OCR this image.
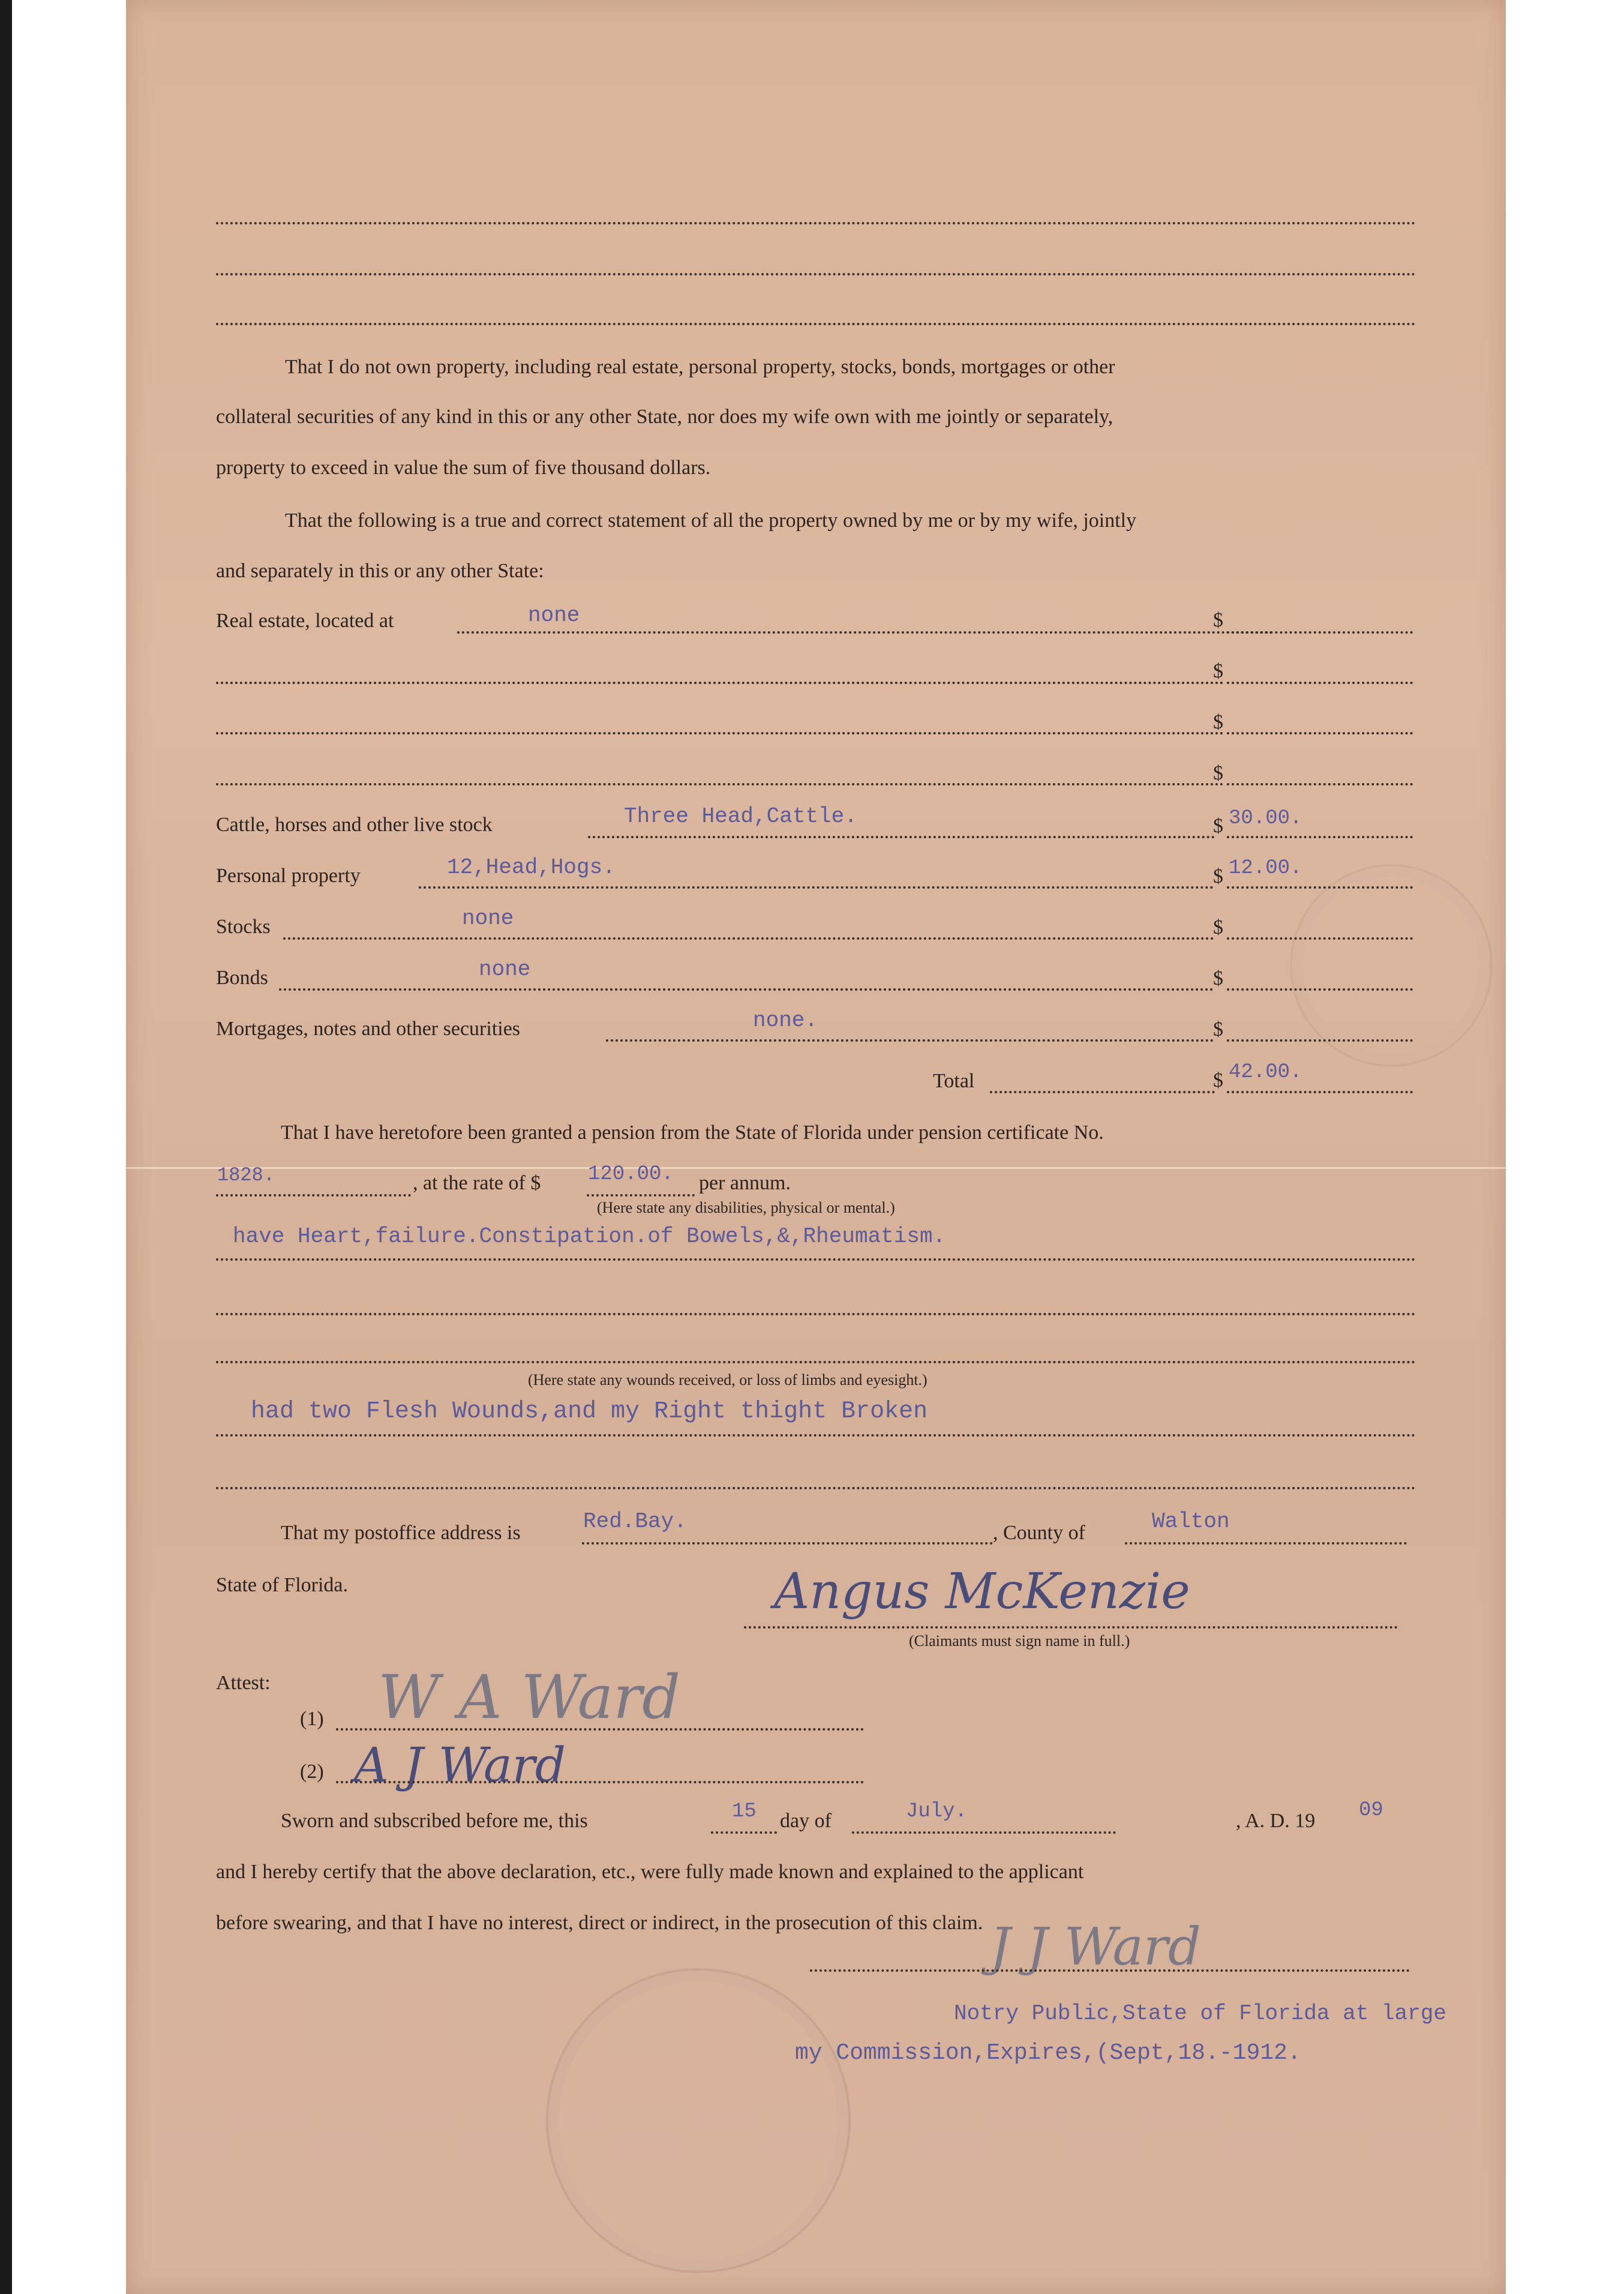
That I do not own property, including real estate, personal property, stocks, bonds, mortgages or other
collateral securities of any kind in this or any other State, nor does my wife own with me jointly or separately,
property to exceed in value the sum of five thousand dollars.
That the following is a true and correct statement of all the property owned by me or by my wife, jointly
and separately in this or any other State:
Real estate, located at	none	$
$
$
$
Cattle, horses and other live stock	Three Head,Cattle.	$ 30.00.
Personal property	12,Head,Hogs.	$ 12.00.
Stocks	none	$
Bonds	none	$
Mortgages, notes and other securities	none.	$
Total	$ 42.00.
That I have heretofore been granted a pension from the State of Florida under pension certificate No.
1828.	, at the rate of $ 120.00. per annum.
(Here state any disabilities, physical or mental.)
have Heart,failure.Constipation.of Bowels,&,Rheumatism.
(Here state any wounds received, or loss of limbs and eyesight.)
had two Flesh Wounds,and my Right thight Broken
That my postoffice address is	Red.Bay.	, County of	Walton
State of Florida.	Angus McKenzie
(Claimants must sign name in full.)
Attest:
(1) W A Ward
(2) A J Ward
Sworn and subscribed before me, this	15 day of	July.	, A. D. 19 09
and I hereby certify that the above declaration, etc., were fully made known and explained to the applicant
before swearing, and that I have no interest, direct or indirect, in the prosecution of this claim. J J Ward
Notry Public,State of Florida at large
my Commission,Expires,(Sept,18.-1912.
